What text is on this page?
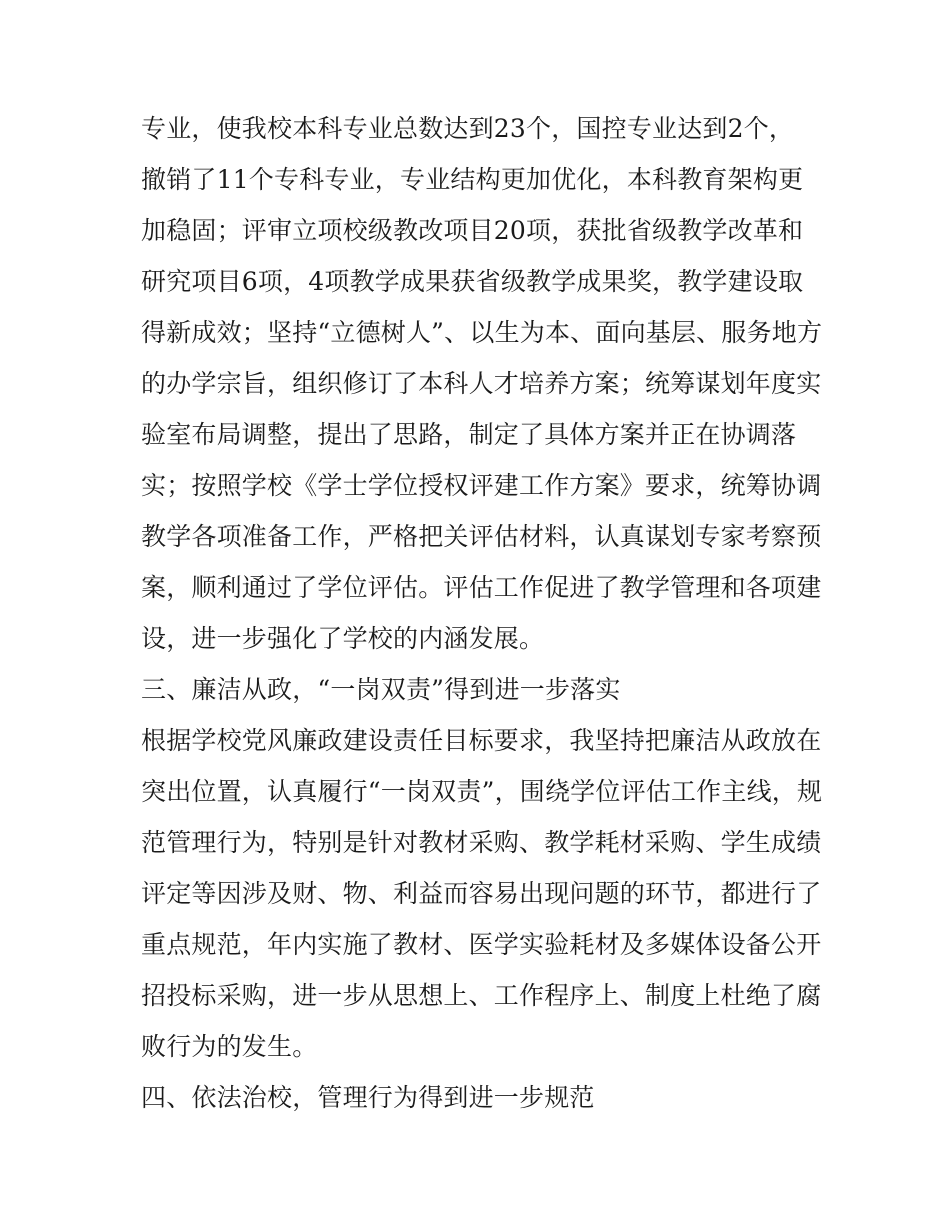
专业，使我校本科专业总数达到23个，国控专业达到2个，
撤销了11个专科专业，专业结构更加优化，本科教育架构更
加稳固；评审立项校级教改项目20项，获批省级教学改革和
研究项目6项，4项教学成果获省级教学成果奖，教学建设取
得新成效；坚持“立德树人”、以生为本、面向基层、服务地方
的办学宗旨，组织修订了本科人才培养方案；统筹谋划年度实
验室布局调整，提出了思路，制定了具体方案并正在协调落
实；按照学校《学士学位授权评建工作方案》要求，统筹协调
教学各项准备工作，严格把关评估材料，认真谋划专家考察预
案，顺利通过了学位评估。评估工作促进了教学管理和各项建
设，进一步强化了学校的内涵发展。
三、廉洁从政，“一岗双责”得到进一步落实
根据学校党风廉政建设责任目标要求，我坚持把廉洁从政放在
突出位置，认真履行“一岗双责”，围绕学位评估工作主线，规
范管理行为，特别是针对教材采购、教学耗材采购、学生成绩
评定等因涉及财、物、利益而容易出现问题的环节，都进行了
重点规范，年内实施了教材、医学实验耗材及多媒体设备公开
招投标采购，进一步从思想上、工作程序上、制度上杜绝了腐
败行为的发生。
四、依法治校，管理行为得到进一步规范
